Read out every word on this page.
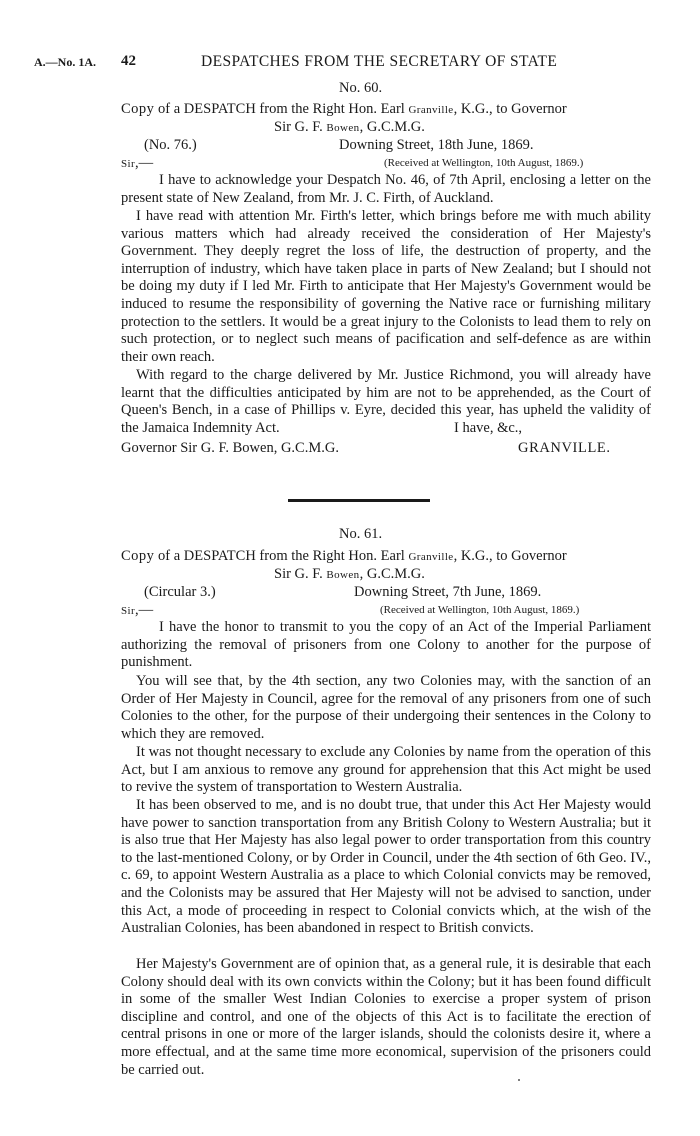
A.—No. 1A. 42	DESPATCHES FROM THE SECRETARY OF STATE
No. 60.
Copy of a DESPATCH from the Right Hon. Earl Granville, K.G., to Governor
Sir G. F. Bowen, G.C.M.G.
(No. 76.)	Downing Street, 18th June, 1869.
Sir,—	(Received at Wellington, 10th August, 1869.)
I have to acknowledge your Despatch No. 46, of 7th April, enclosing a letter on the present state of New Zealand, from Mr. J. C. Firth, of Auckland.
I have read with attention Mr. Firth's letter, which brings before me with much ability various matters which had already received the consideration of Her Majesty's Government. They deeply regret the loss of life, the destruction of property, and the interruption of industry, which have taken place in parts of New Zealand; but I should not be doing my duty if I led Mr. Firth to anticipate that Her Majesty's Government would be induced to resume the responsibility of governing the Native race or furnishing military protection to the settlers. It would be a great injury to the Colonists to lead them to rely on such protection, or to neglect such means of pacification and self-defence as are within their own reach.
With regard to the charge delivered by Mr. Justice Richmond, you will already have learnt that the difficulties anticipated by him are not to be apprehended, as the Court of Queen's Bench, in a case of Phillips v. Eyre, decided this year, has upheld the validity of the Jamaica Indemnity Act.	I have, &c.,
Governor Sir G. F. Bowen, G.C.M.G.	GRANVILLE.
No. 61.
Copy of a DESPATCH from the Right Hon. Earl Granville, K.G., to Governor
Sir G. F. Bowen, G.C.M.G.
(Circular 3.)	Downing Street, 7th June, 1869.
Sir,—	(Received at Wellington, 10th August, 1869.)
I have the honor to transmit to you the copy of an Act of the Imperial Parliament authorizing the removal of prisoners from one Colony to another for the purpose of punishment.
You will see that, by the 4th section, any two Colonies may, with the sanction of an Order of Her Majesty in Council, agree for the removal of any prisoners from one of such Colonies to the other, for the purpose of their undergoing their sentences in the Colony to which they are removed.
It was not thought necessary to exclude any Colonies by name from the operation of this Act, but I am anxious to remove any ground for apprehension that this Act might be used to revive the system of transportation to Western Australia.
It has been observed to me, and is no doubt true, that under this Act Her Majesty would have power to sanction transportation from any British Colony to Western Australia; but it is also true that Her Majesty has also legal power to order transportation from this country to the last-mentioned Colony, or by Order in Council, under the 4th section of 6th Geo. IV., c. 69, to appoint Western Australia as a place to which Colonial convicts may be removed, and the Colonists may be assured that Her Majesty will not be advised to sanction, under this Act, a mode of proceeding in respect to Colonial convicts which, at the wish of the Australian Colonies, has been abandoned in respect to British convicts.
Her Majesty's Government are of opinion that, as a general rule, it is desirable that each Colony should deal with its own convicts within the Colony; but it has been found difficult in some of the smaller West Indian Colonies to exercise a proper system of prison discipline and control, and one of the objects of this Act is to facilitate the erection of central prisons in one or more of the larger islands, should the colonists desire it, where a more effectual, and at the same time more economical, supervision of the prisoners could be carried out.
